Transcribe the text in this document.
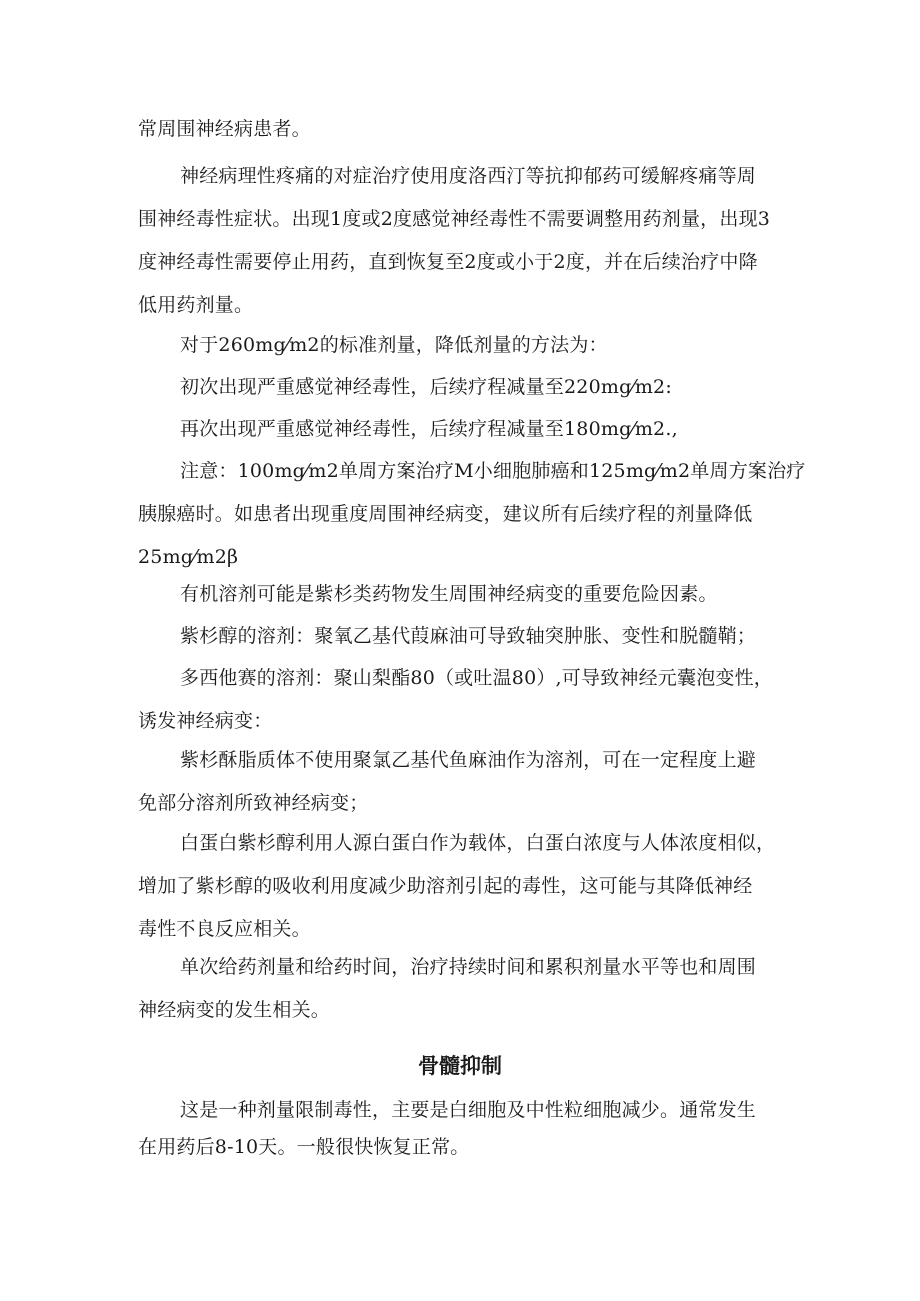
常周围神经病患者。

神经病理性疼痛的对症治疗使用度洛西汀等抗抑郁药可缓解疼痛等周
围神经毒性症状。出现1度或2度感觉神经毒性不需要调整用药剂量，出现3
度神经毒性需要停止用药，直到恢复至2度或小于2度，并在后续治疗中降
低用药剂量。

对于260mg⁄m2的标准剂量，降低剂量的方法为：

初次出现严重感觉神经毒性，后续疗程减量至220mg⁄m2:

再次出现严重感觉神经毒性，后续疗程减量至180mg⁄m2.,

注意：100mg⁄m2单周方案治疗M小细胞肺癌和125mg⁄m2单周方案治疗
胰腺癌时。如患者出现重度周围神经病变，建议所有后续疗程的剂量降低
25mg⁄m2β

有机溶剂可能是紫杉类药物发生周围神经病变的重要危险因素。

紫杉醇的溶剂：聚氧乙基代葭麻油可导致轴突肿胀、变性和脱髓鞘；

多西他赛的溶剂：聚山梨酯80（或吐温80）,可导致神经元囊泡变性，
诱发神经病变：

紫杉酥脂质体不使用聚氯乙基代鱼麻油作为溶剂，可在一定程度上避
免部分溶剂所致神经病变；

白蛋白紫杉醇利用人源白蛋白作为载体，白蛋白浓度与人体浓度相似，
增加了紫杉醇的吸收利用度减少助溶剂引起的毒性，这可能与其降低神经
毒性不良反应相关。

单次给药剂量和给药时间，治疗持续时间和累积剂量水平等也和周围
神经病变的发生相关。

骨髓抑制

这是一种剂量限制毒性，主要是白细胞及中性粒细胞减少。通常发生
在用药后8-10天。一般很快恢复正常。
